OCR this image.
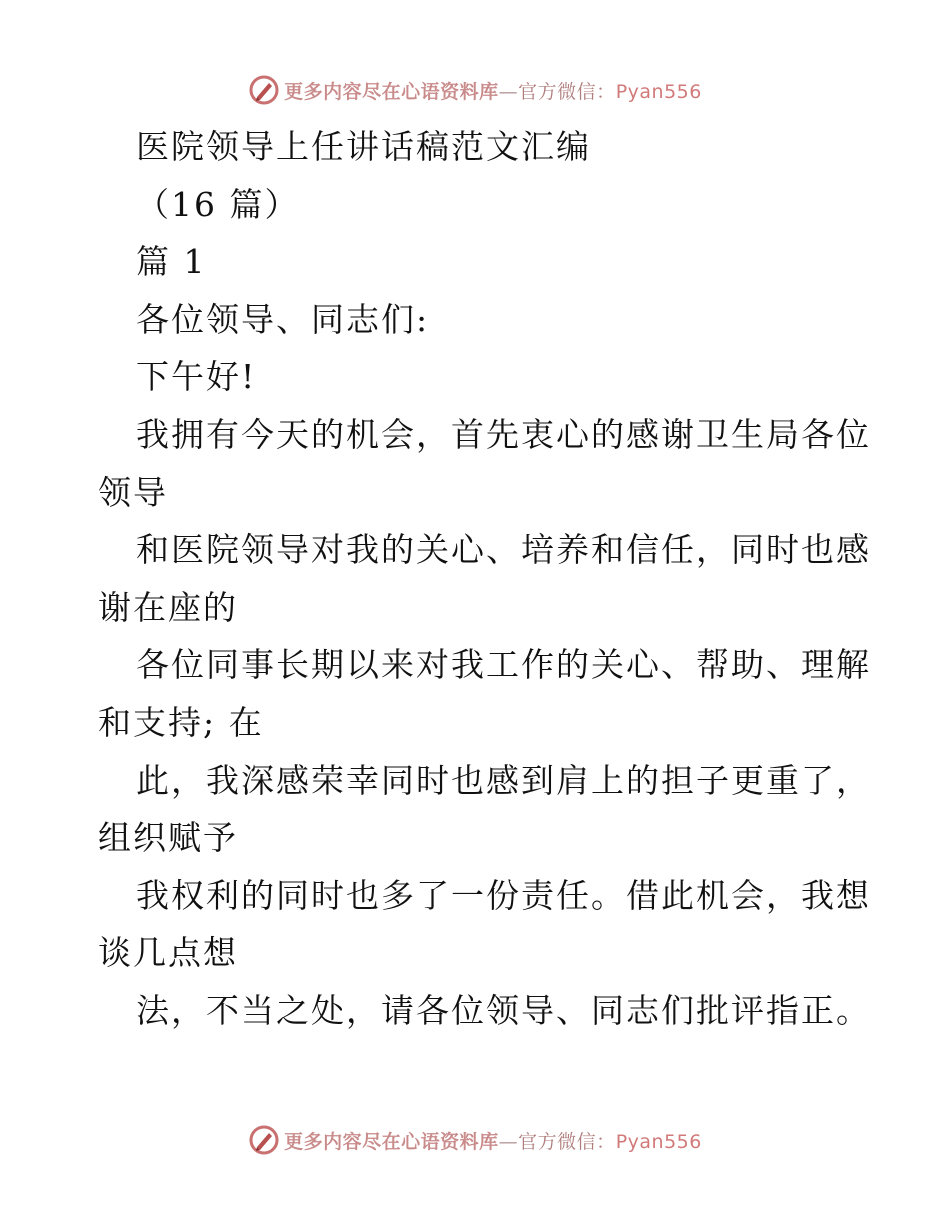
更多内容尽在心语资料库—官方微信：Pyan556
医院领导上任讲话稿范文汇编
（16 篇）
篇 1
各位领导、同志们:
下午好!
我拥有今天的机会，首先衷心的感谢卫生局各位
领导
和医院领导对我的关心、培养和信任，同时也感
谢在座的
各位同事长期以来对我工作的关心、帮助、理解
和支持; 在
此，我深感荣幸同时也感到肩上的担子更重了，
组织赋予
我权利的同时也多了一份责任。借此机会，我想
谈几点想
法，不当之处，请各位领导、同志们批评指正。
更多内容尽在心语资料库—官方微信：Pyan556
